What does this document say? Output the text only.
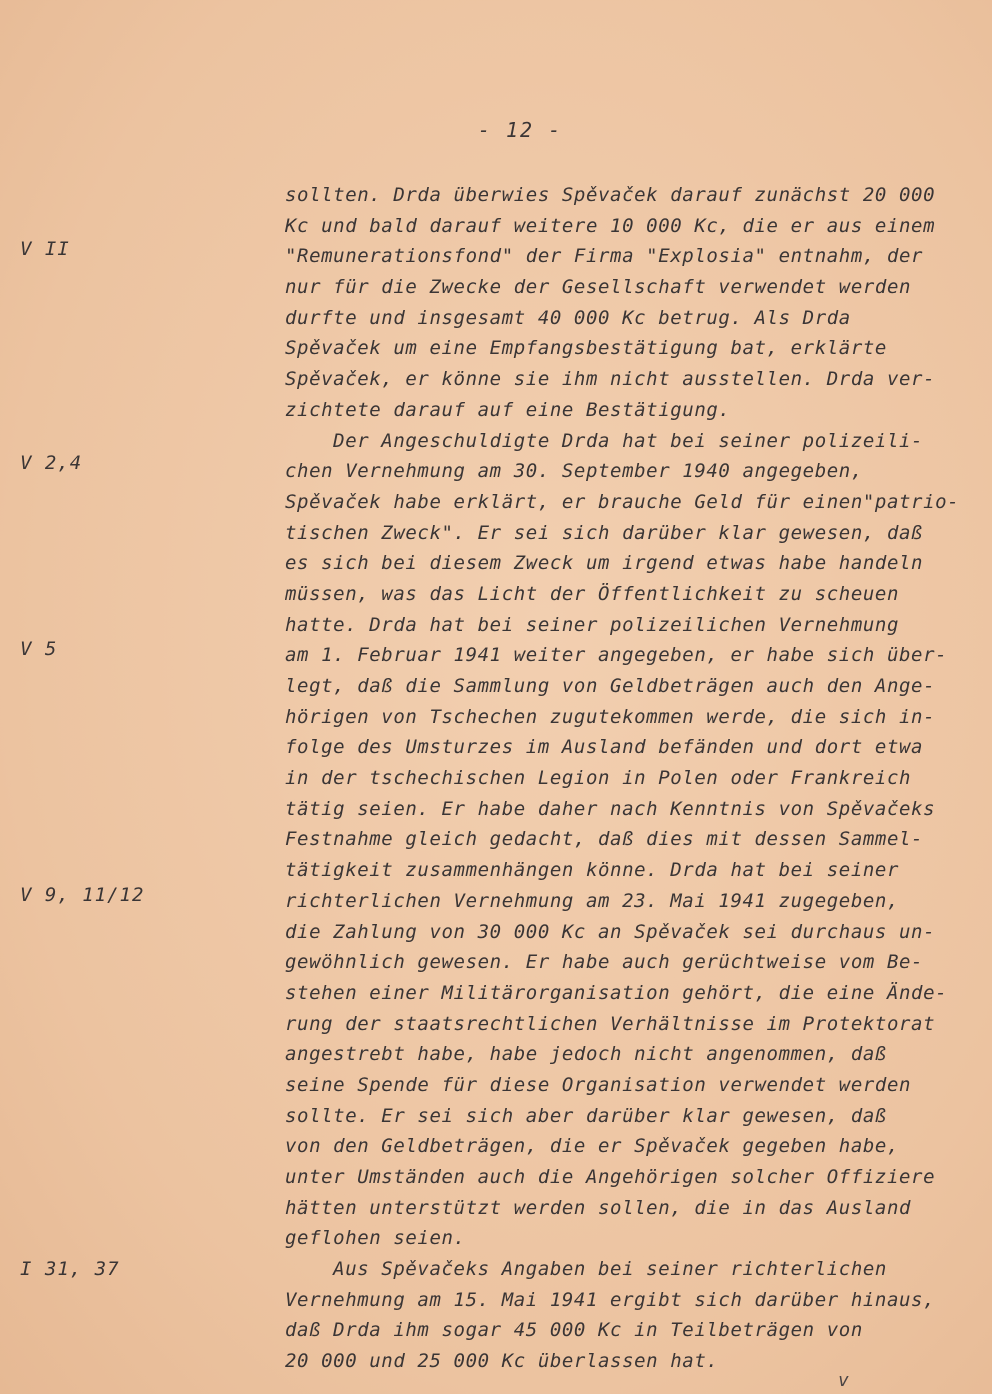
- 12 -
V II
V 2,4
V 5
V 9, 11/12
I 31, 37
sollten. Drda überwies Spěvaček darauf zunächst 20 000
Kc und bald darauf weitere 10 000 Kc, die er aus einem
"Remunerationsfond" der Firma "Explosia" entnahm, der
nur für die Zwecke der Gesellschaft verwendet werden
durfte und insgesamt 40 000 Kc betrug. Als Drda
Spěvaček um eine Empfangsbestätigung bat, erklärte
Spěvaček, er könne sie ihm nicht ausstellen. Drda ver-
zichtete darauf auf eine Bestätigung.
Der Angeschuldigte Drda hat bei seiner polizeili-
chen Vernehmung am 30. September 1940 angegeben,
Spěvaček habe erklärt, er brauche Geld für einen"patrio-
tischen Zweck". Er sei sich darüber klar gewesen, daß
es sich bei diesem Zweck um irgend etwas habe handeln
müssen, was das Licht der Öffentlichkeit zu scheuen
hatte. Drda hat bei seiner polizeilichen Vernehmung
am 1. Februar 1941 weiter angegeben, er habe sich über-
legt, daß die Sammlung von Geldbeträgen auch den Ange-
hörigen von Tschechen zugutekommen werde, die sich in-
folge des Umsturzes im Ausland befänden und dort etwa
in der tschechischen Legion in Polen oder Frankreich
tätig seien. Er habe daher nach Kenntnis von Spěvačeks
Festnahme gleich gedacht, daß dies mit dessen Sammel-
tätigkeit zusammenhängen könne. Drda hat bei seiner
richterlichen Vernehmung am 23. Mai 1941 zugegeben,
die Zahlung von 30 000 Kc an Spěvaček sei durchaus un-
gewöhnlich gewesen. Er habe auch gerüchtweise vom Be-
stehen einer Militärorganisation gehört, die eine Ände-
rung der staatsrechtlichen Verhältnisse im Protektorat
angestrebt habe, habe jedoch nicht angenommen, daß
seine Spende für diese Organisation verwendet werden
sollte. Er sei sich aber darüber klar gewesen, daß
von den Geldbeträgen, die er Spěvaček gegeben habe,
unter Umständen auch die Angehörigen solcher Offiziere
hätten unterstützt werden sollen, die in das Ausland
geflohen seien.
Aus Spěvačeks Angaben bei seiner richterlichen
Vernehmung am 15. Mai 1941 ergibt sich darüber hinaus,
daß Drda ihm sogar 45 000 Kc in Teilbeträgen von
20 000 und 25 000 Kc überlassen hat.
v
